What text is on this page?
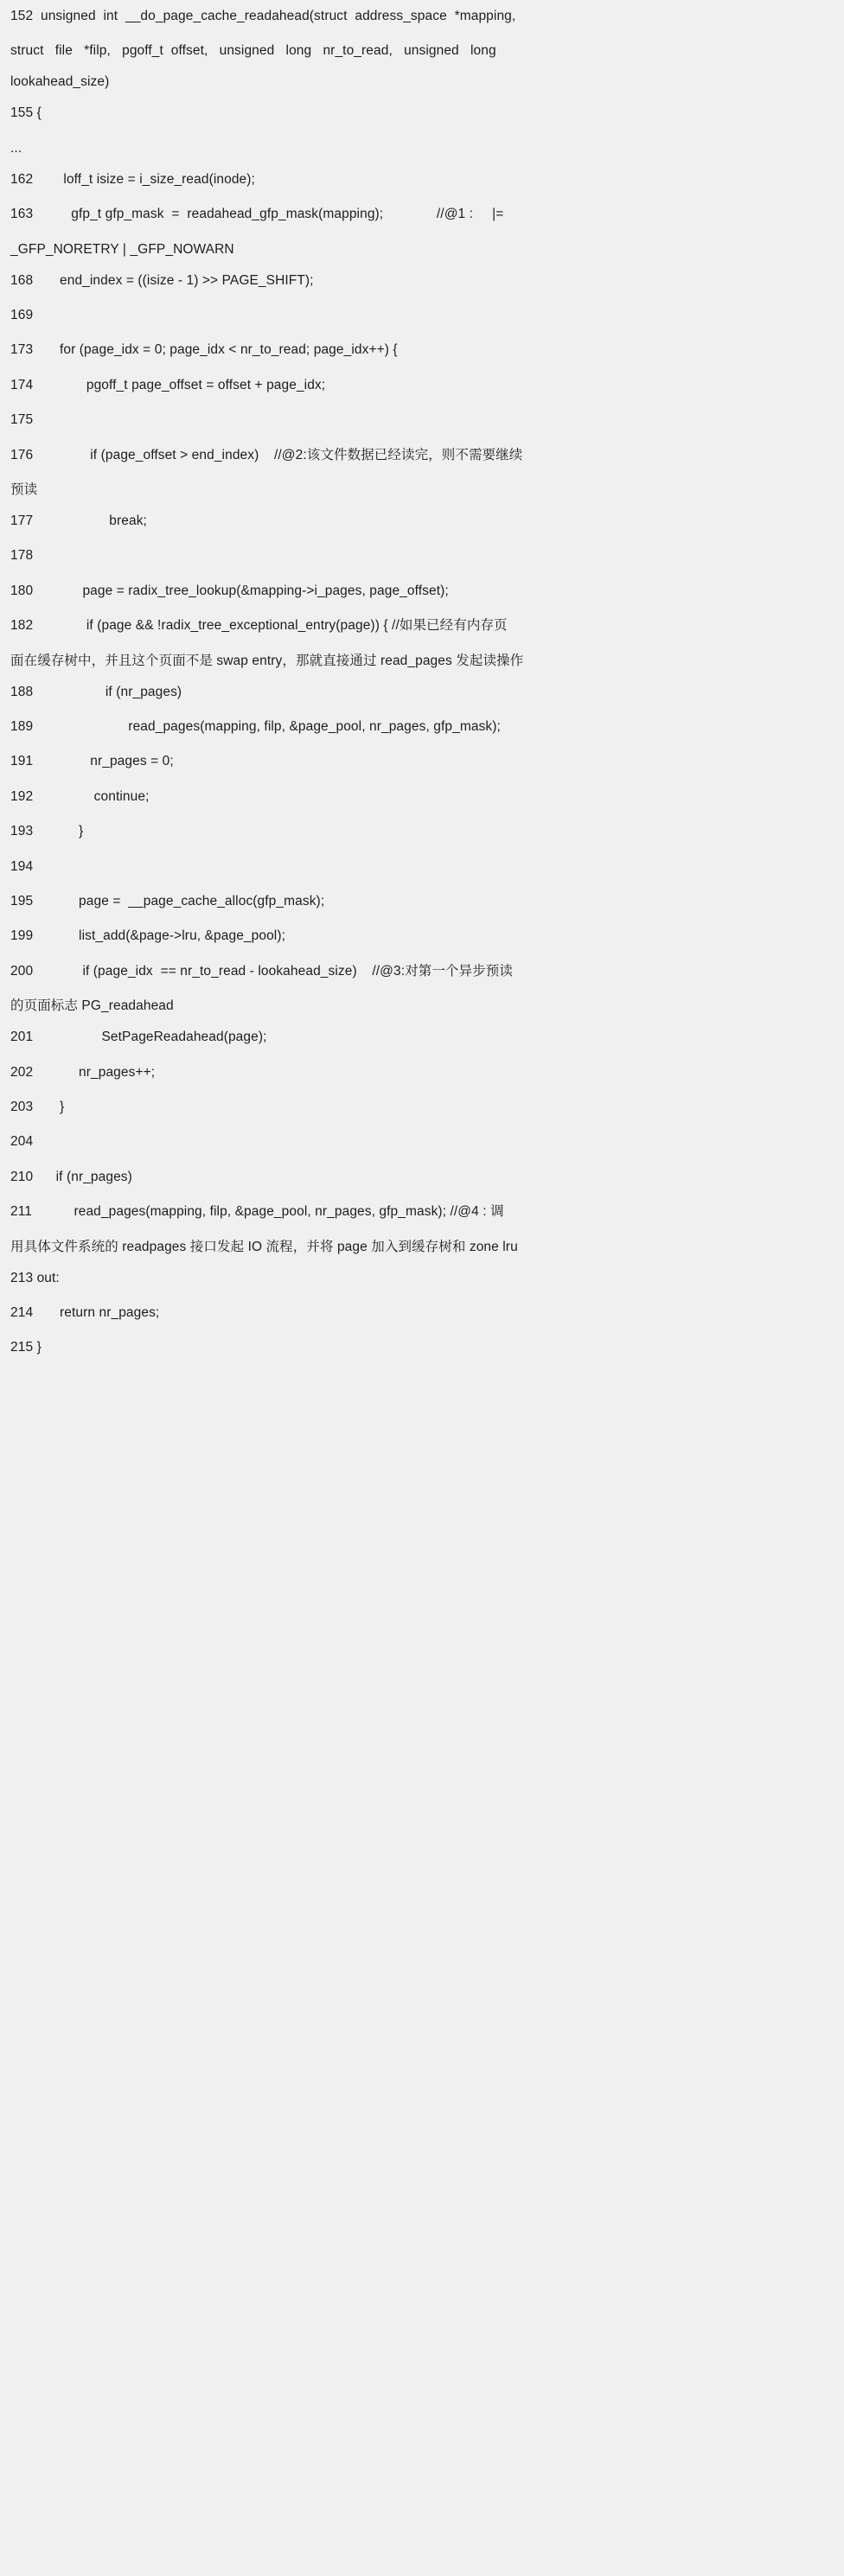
152  unsigned  int  __do_page_cache_readahead(struct  address_space  *mapping,
struct   file   *filp,   pgoff_t  offset,   unsigned   long   nr_to_read,   unsigned   long
lookahead_size)
155 {
...
162        loff_t isize = i_size_read(inode);
163          gfp_t gfp_mask  =  readahead_gfp_mask(mapping);              //@1 :     |=
_GFP_NORETRY | _GFP_NOWARN
168       end_index = ((isize - 1) >> PAGE_SHIFT);
169
173       for (page_idx = 0; page_idx < nr_to_read; page_idx++) {
174              pgoff_t page_offset = offset + page_idx;
175
176               if (page_offset > end_index)    //@2:该文件数据已经读完，则不需要继续
预读
177                    break;
178
180             page = radix_tree_lookup(&mapping->i_pages, page_offset);
182              if (page && !radix_tree_exceptional_entry(page)) { //如果已经有内存页
面在缓存树中，并且这个页面不是 swap entry，那就直接通过 read_pages 发起读操作
188                   if (nr_pages)
189                         read_pages(mapping, filp, &page_pool, nr_pages, gfp_mask);
191               nr_pages = 0;
192                continue;
193            }
194
195            page =  __page_cache_alloc(gfp_mask);
199            list_add(&page->lru, &page_pool);
200             if (page_idx  == nr_to_read - lookahead_size)    //@3:对第一个异步预读
的页面标志 PG_readahead
201                  SetPageReadahead(page);
202            nr_pages++;
203       }
204
210      if (nr_pages)
211           read_pages(mapping, filp, &page_pool, nr_pages, gfp_mask); //@4 : 调
用具体文件系统的 readpages 接口发起 IO 流程，并将 page 加入到缓存树和 zone lru
213 out:
214       return nr_pages;
215 }
